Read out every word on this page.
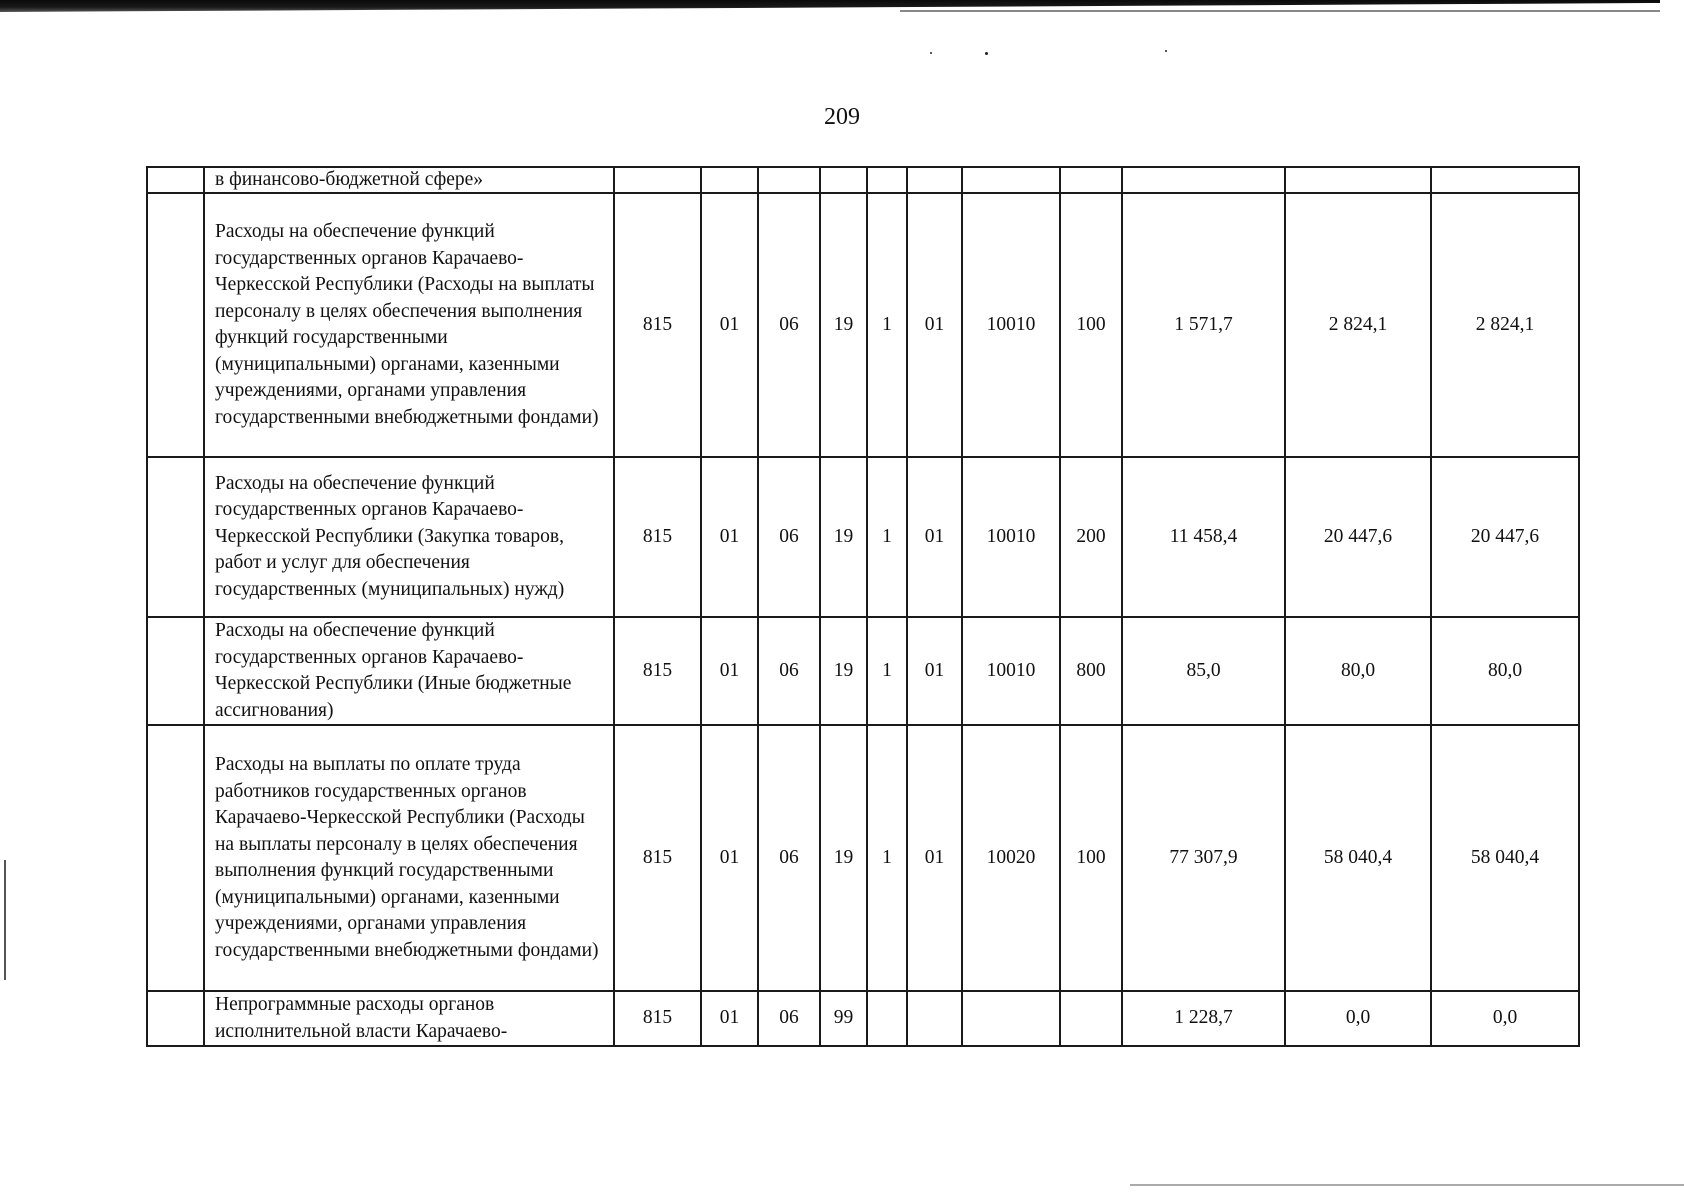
209
	в финансово-бюджетной сфере»											
	Расходы на обеспечение функций государственных органов Карачаево-Черкесской Республики (Расходы на выплаты персоналу в целях обеспечения выполнения функций государственными (муниципальными) органами, казенными учреждениями, органами управления государственными внебюджетными фондами)	815	01	06	19	1	01	10010	100	1 571,7	2 824,1	2 824,1
	Расходы на обеспечение функций государственных органов Карачаево-Черкесской Республики (Закупка товаров, работ и услуг для обеспечения государственных (муниципальных) нужд)	815	01	06	19	1	01	10010	200	11 458,4	20 447,6	20 447,6
	Расходы на обеспечение функций государственных органов Карачаево-Черкесской Республики (Иные бюджетные ассигнования)	815	01	06	19	1	01	10010	800	85,0	80,0	80,0
	Расходы на выплаты по оплате труда работников государственных органов Карачаево-Черкесской Республики (Расходы на выплаты персоналу в целях обеспечения выполнения функций государственными (муниципальными) органами, казенными учреждениями, органами управления государственными внебюджетными фондами)	815	01	06	19	1	01	10020	100	77 307,9	58 040,4	58 040,4
	Непрограммные расходы органов исполнительной власти Карачаево-	815	01	06	99					1 228,7	0,0	0,0
